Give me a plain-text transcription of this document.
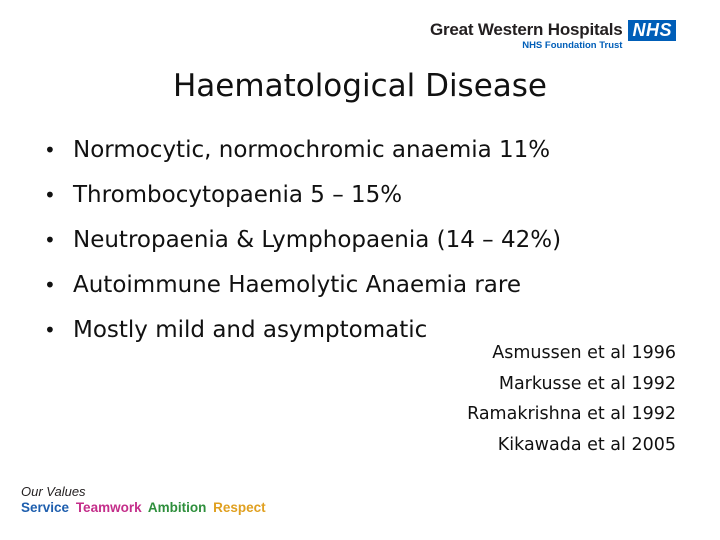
Great Western Hospitals
NHS Foundation Trust
NHS
Haematological Disease
• Normocytic, normochromic anaemia 11%
• Thrombocytopaenia 5 – 15%
• Neutropaenia & Lymphopaenia (14 – 42%)
• Autoimmune Haemolytic Anaemia rare
• Mostly mild and asymptomatic
Asmussen et al 1996
Markusse et al 1992
Ramakrishna et al 1992
Kikawada et al 2005
Our Values
Service Teamwork Ambition Respect
